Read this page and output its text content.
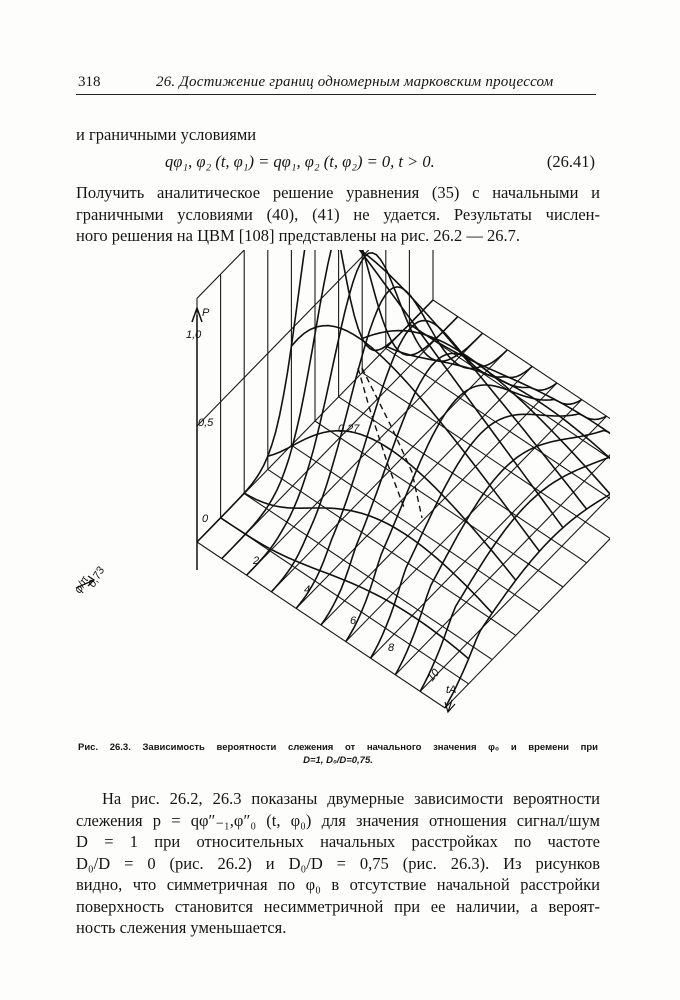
318	26. Достижение границ одномерным марковским процессом
и граничными условиями
qφ₁, φ₂ (t, φ₁) = qφ₁, φ₂ (t, φ₂) = 0, t > 0.	(26.41)
Получить аналитическое решение уравнения (35) с начальными и
граничными условиями (40), (41) не удается. Результаты числен-
ного решения на ЦВМ [108] представлены на рис. 26.2 — 26.7.
P
1,0
0,5
0
φ/π
0,73
0,27
2
4
6
8
10
tA
Рис. 26.3. Зависимость вероятности слежения от начального значения φ₀ и времени при
D=1, D₀/D=0,75.
На рис. 26.2, 26.3 показаны двумерные зависимости вероятности
слежения p = qφ″₋₁,φ″₀ (t, φ₀) для значения отношения сигнал/шум
D = 1 при относительных начальных расстройках по частоте
D₀/D = 0 (рис. 26.2) и D₀/D = 0,75 (рис. 26.3). Из рисунков
видно, что симметричная по φ₀ в отсутствие начальной расстройки
поверхность становится несимметричной при ее наличии, а вероят-
ность слежения уменьшается.
